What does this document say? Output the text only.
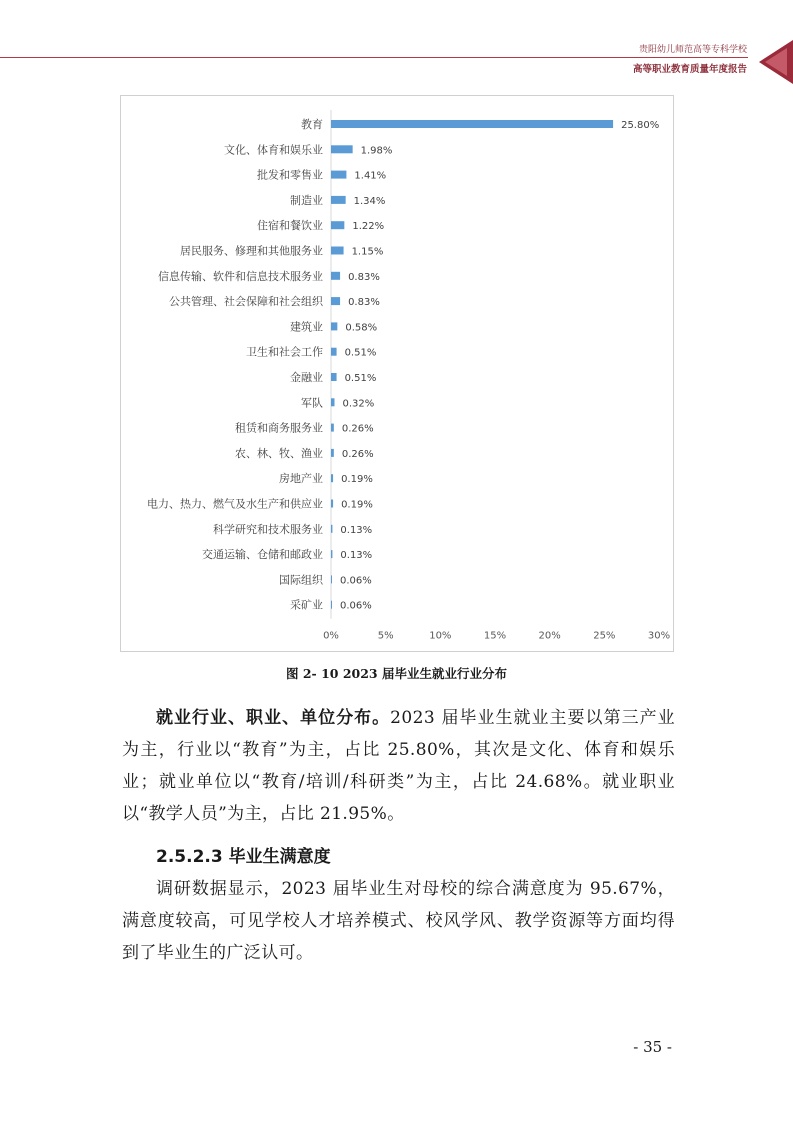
贵阳幼儿师范高等专科学校
高等职业教育质量年度报告
教育	25.80%
文化、体育和娱乐业	1.98%
批发和零售业	1.41%
制造业	1.34%
住宿和餐饮业	1.22%
居民服务、修理和其他服务业	1.15%
信息传输、软件和信息技术服务业	0.83%
公共管理、社会保障和社会组织	0.83%
建筑业 0.58%
卫生和社会工作 0.51%
金融业 0.51%
军队 0.32%
租赁和商务服务业 0.26%
农、林、牧、渔业 0.26%
房地产业 0.19%
电力、热力、燃气及水生产和供应业 0.19%
科学研究和技术服务业 0.13%
交通运输、仓储和邮政业 0.13%
国际组织 0.06%
采矿业 0.06%
0%	5%	10%	15%	20%	25%	30%
图 2- 10 2023 届毕业生就业行业分布
就业行业、职业、单位分布。2023 届毕业生就业主要以第三产业为主，行业以“教育”为主，占比 25.80%，其次是文化、体育和娱乐业；就业单位以“教育/培训/科研类”为主，占比 24.68%。就业职业以“教学人员”为主，占比 21.95%。
2.5.2.3 毕业生满意度
调研数据显示，2023 届毕业生对母校的综合满意度为 95.67%，满意度较高，可见学校人才培养模式、校风学风、教学资源等方面均得到了毕业生的广泛认可。
- 35 -
